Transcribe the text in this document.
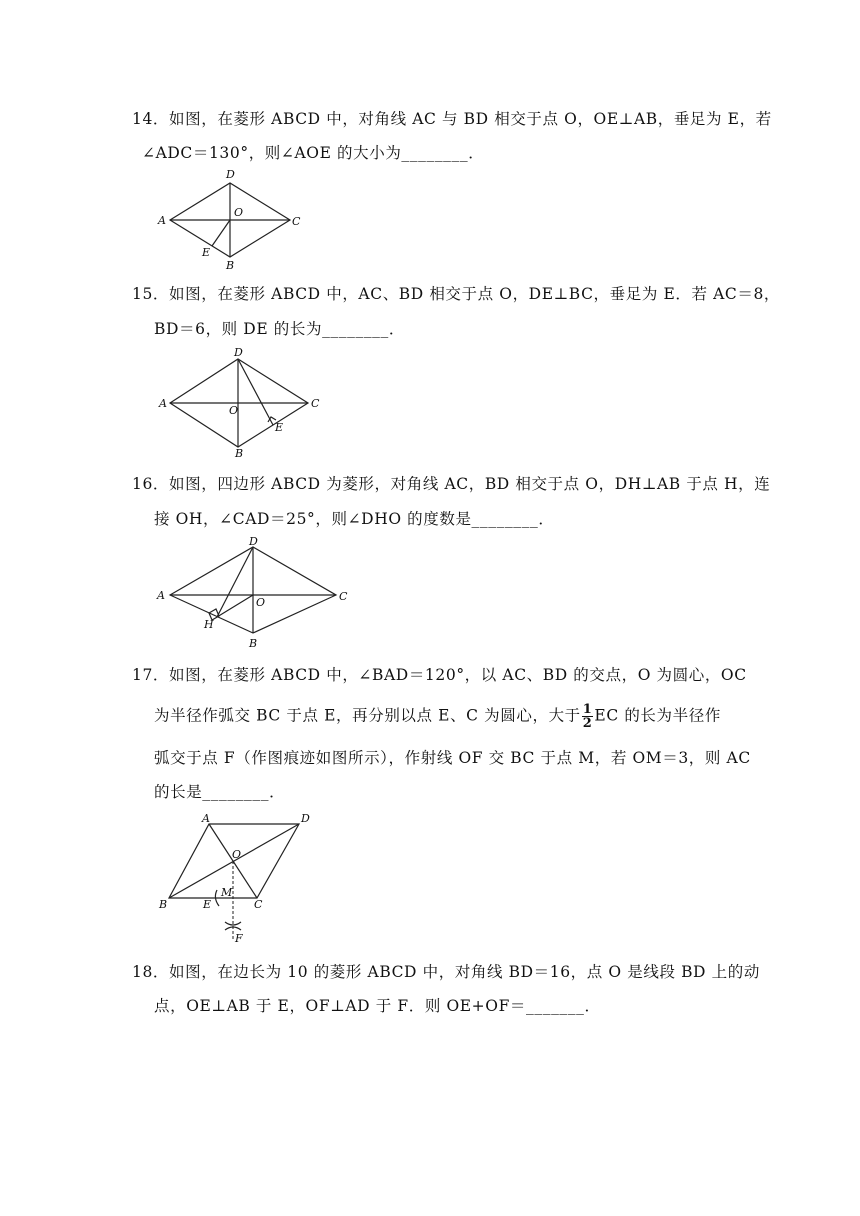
14．如图，在菱形 ABCD 中，对角线 AC 与 BD 相交于点 O，OE⊥AB，垂足为 E，若
∠ADC＝130°，则∠AOE 的大小为________．
A
B
C
D
O
E
15．如图，在菱形 ABCD 中，AC、BD 相交于点 O，DE⊥BC，垂足为 E．若 AC＝8，
BD＝6，则 DE 的长为________．
A
B
C
D
O
E
16．如图，四边形 ABCD 为菱形，对角线 AC，BD 相交于点 O，DH⊥AB 于点 H，连
接 OH，∠CAD＝25°，则∠DHO 的度数是________．
A
B
C
D
O
H
17．如图，在菱形 ABCD 中，∠BAD＝120°，以 AC、BD 的交点，O 为圆心，OC
为半径作弧交 BC 于点 E，再分别以点 E、C 为圆心，大于 $\frac{1}{2}$ EC 的长为半径作
弧交于点 F（作图痕迹如图所示），作射线 OF 交 BC 于点 M，若 OM＝3，则 AC
的长是________．
A
B	C
D
O
E
M
F
18．如图，在边长为 10 的菱形 ABCD 中，对角线 BD＝16，点 O 是线段 BD 上的动
点，OE⊥AB 于 E，OF⊥AD 于 F．则 OE+OF＝_______．
